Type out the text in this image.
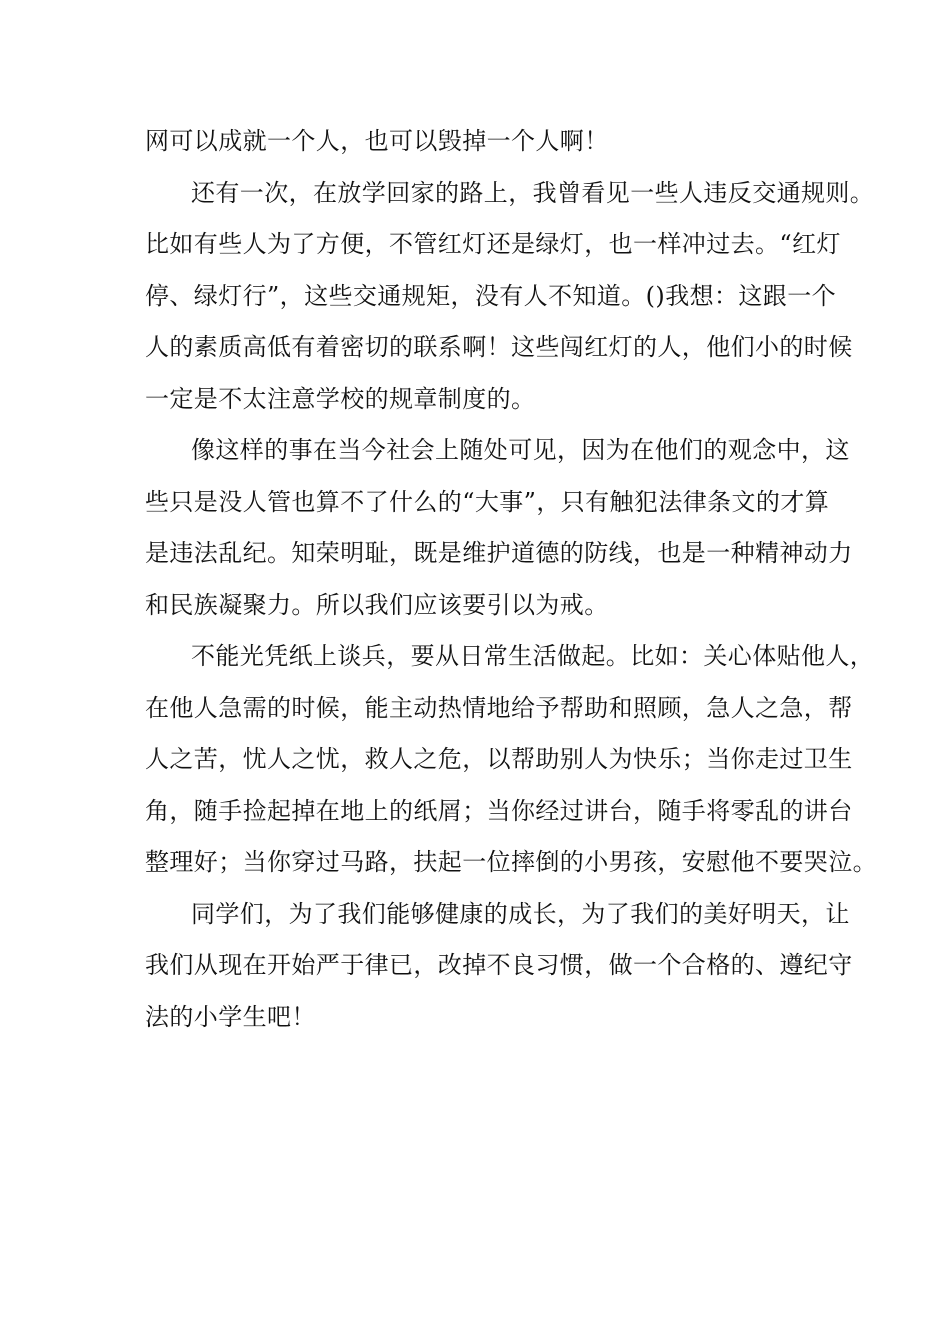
网可以成就一个人，也可以毁掉一个人啊！
还有一次，在放学回家的路上，我曾看见一些人违反交通规则。
比如有些人为了方便，不管红灯还是绿灯，也一样冲过去。“红灯
停、绿灯行”，这些交通规矩，没有人不知道。()我想：这跟一个
人的素质高低有着密切的联系啊！这些闯红灯的人，他们小的时候
一定是不太注意学校的规章制度的。
像这样的事在当今社会上随处可见，因为在他们的观念中，这
些只是没人管也算不了什么的“大事”，只有触犯法律条文的才算
是违法乱纪。知荣明耻，既是维护道德的防线，也是一种精神动力
和民族凝聚力。所以我们应该要引以为戒。
不能光凭纸上谈兵，要从日常生活做起。比如：关心体贴他人，
在他人急需的时候，能主动热情地给予帮助和照顾，急人之急，帮
人之苦，忧人之忧，救人之危，以帮助别人为快乐；当你走过卫生
角，随手捡起掉在地上的纸屑；当你经过讲台，随手将零乱的讲台
整理好；当你穿过马路，扶起一位摔倒的小男孩，安慰他不要哭泣。
同学们，为了我们能够健康的成长，为了我们的美好明天，让
我们从现在开始严于律已，改掉不良习惯，做一个合格的、遵纪守
法的小学生吧！
